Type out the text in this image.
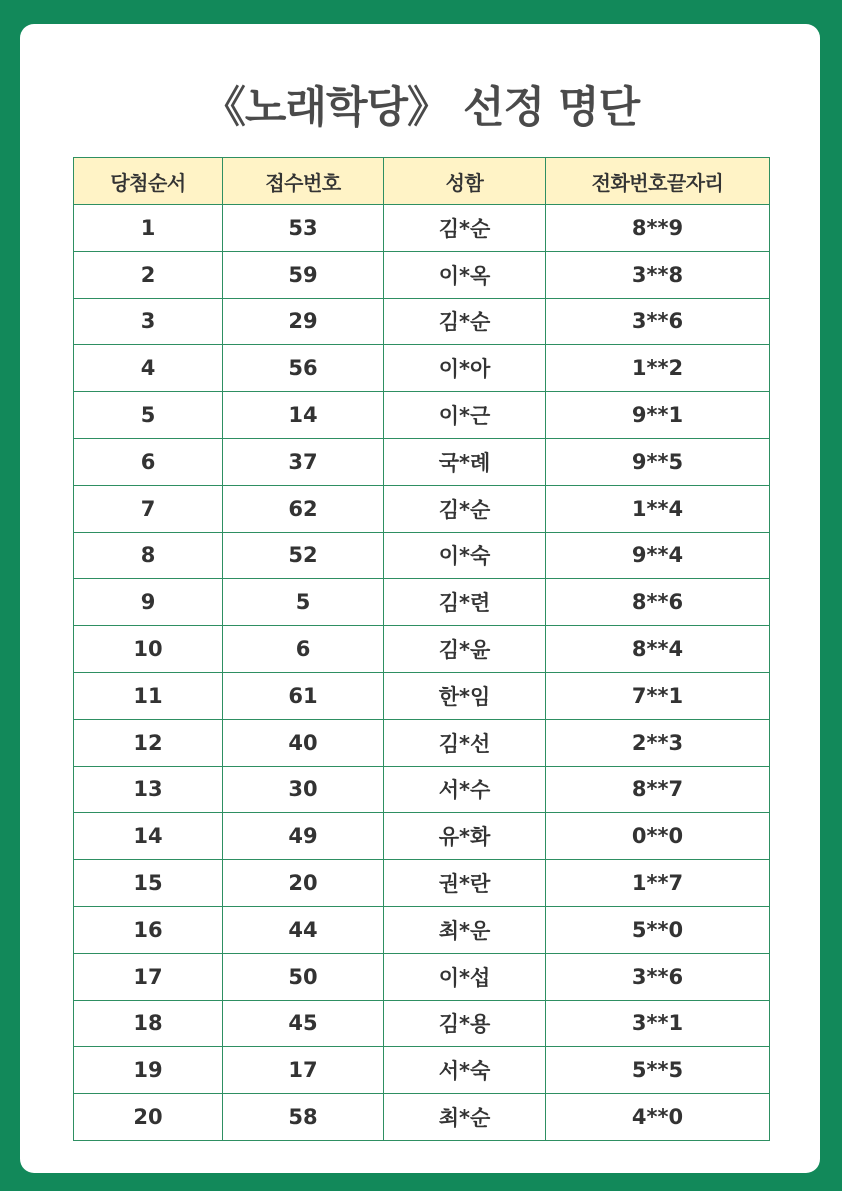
《노래학당》 선정 명단
당첨순서	접수번호	성함	전화번호끝자리
1	53	김*순	8**9
2	59	이*옥	3**8
3	29	김*순	3**6
4	56	이*아	1**2
5	14	이*근	9**1
6	37	국*례	9**5
7	62	김*순	1**4
8	52	이*숙	9**4
9	5	김*련	8**6
10	6	김*윤	8**4
11	61	한*임	7**1
12	40	김*선	2**3
13	30	서*수	8**7
14	49	유*화	0**0
15	20	권*란	1**7
16	44	최*운	5**0
17	50	이*섭	3**6
18	45	김*용	3**1
19	17	서*숙	5**5
20	58	최*순	4**0
